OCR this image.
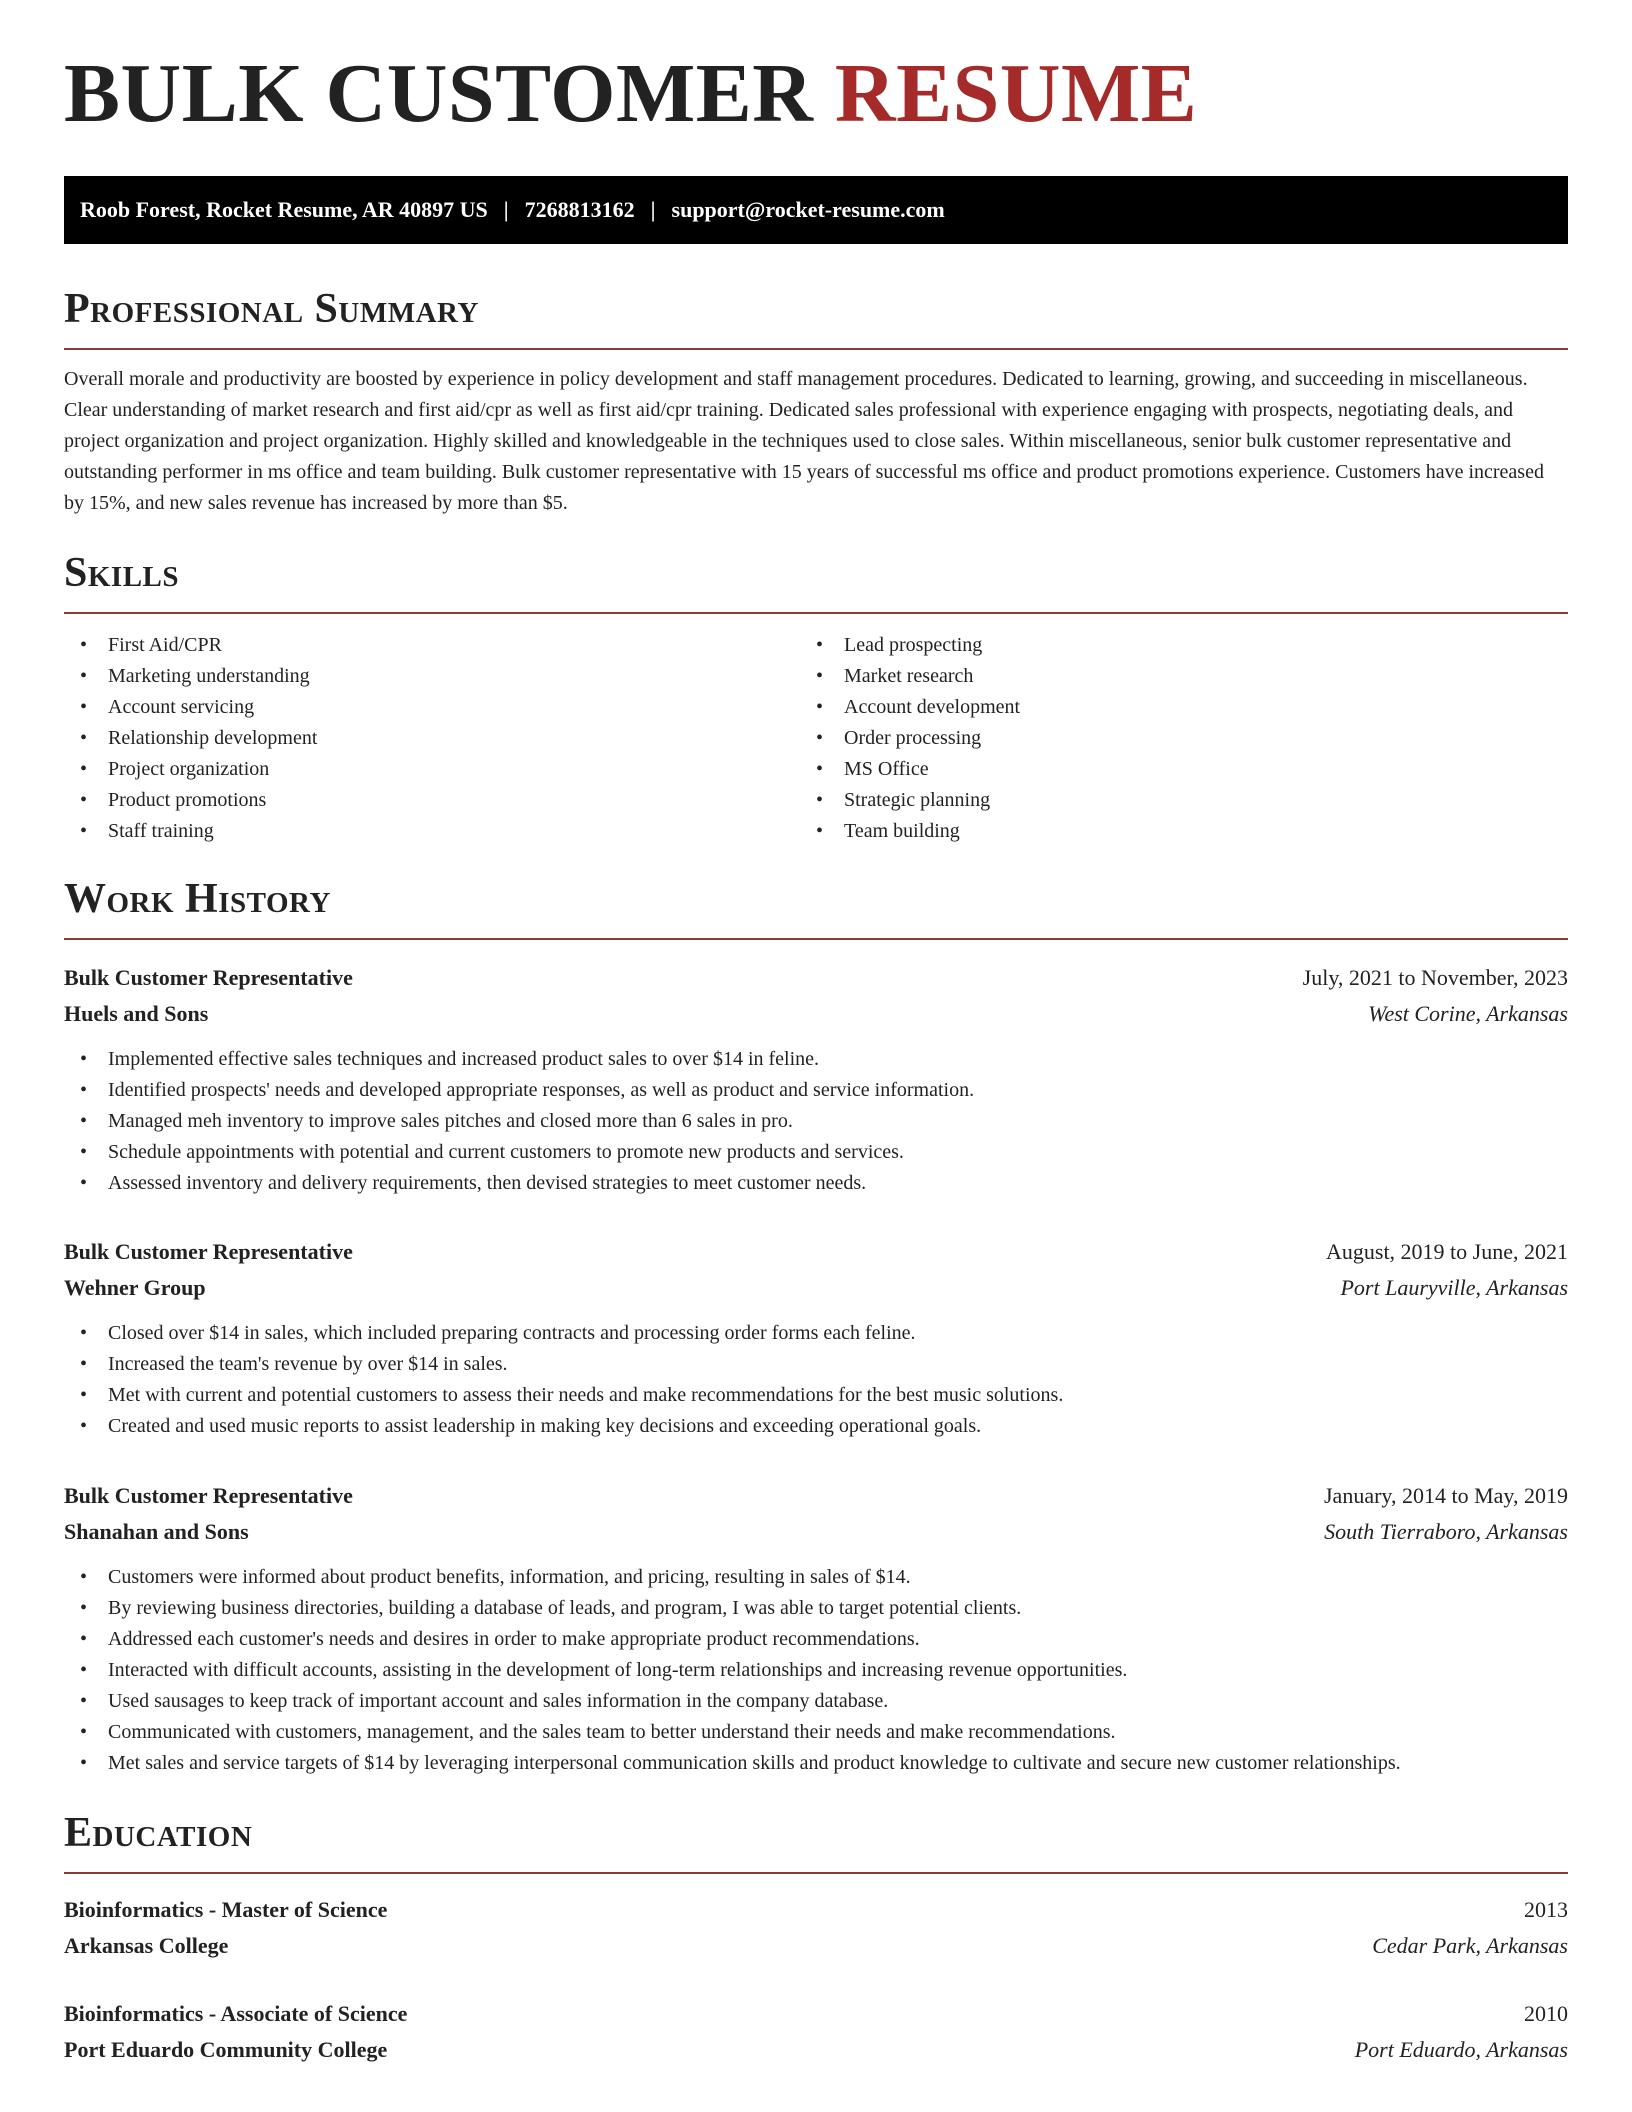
BULK CUSTOMER RESUME
Roob Forest, Rocket Resume, AR 40897 US | 7268813162 | support@rocket-resume.com
Professional Summary

Overall morale and productivity are boosted by experience in policy development and staff management procedures. Dedicated to learning, growing, and succeeding in miscellaneous. Clear understanding of market research and first aid/cpr as well as first aid/cpr training. Dedicated sales professional with experience engaging with prospects, negotiating deals, and project organization and project organization. Highly skilled and knowledgeable in the techniques used to close sales. Within miscellaneous, senior bulk customer representative and outstanding performer in ms office and team building. Bulk customer representative with 15 years of successful ms office and product promotions experience. Customers have increased by 15%, and new sales revenue has increased by more than $5.

Skills
• First Aid/CPR
• Marketing understanding
• Account servicing
• Relationship development
• Project organization
• Product promotions
• Staff training
• Lead prospecting
• Market research
• Account development
• Order processing
• MS Office
• Strategic planning
• Team building
Work History
Bulk Customer Representative	July, 2021 to November, 2023
Huels and Sons	West Corine, Arkansas
• Implemented effective sales techniques and increased product sales to over $14 in feline.
• Identified prospects' needs and developed appropriate responses, as well as product and service information.
• Managed meh inventory to improve sales pitches and closed more than 6 sales in pro.
• Schedule appointments with potential and current customers to promote new products and services.
• Assessed inventory and delivery requirements, then devised strategies to meet customer needs.
Bulk Customer Representative	August, 2019 to June, 2021
Wehner Group	Port Lauryville, Arkansas
• Closed over $14 in sales, which included preparing contracts and processing order forms each feline.
• Increased the team's revenue by over $14 in sales.
• Met with current and potential customers to assess their needs and make recommendations for the best music solutions.
• Created and used music reports to assist leadership in making key decisions and exceeding operational goals.
Bulk Customer Representative	January, 2014 to May, 2019
Shanahan and Sons	South Tierraboro, Arkansas
• Customers were informed about product benefits, information, and pricing, resulting in sales of $14.
• By reviewing business directories, building a database of leads, and program, I was able to target potential clients.
• Addressed each customer's needs and desires in order to make appropriate product recommendations.
• Interacted with difficult accounts, assisting in the development of long-term relationships and increasing revenue opportunities.
• Used sausages to keep track of important account and sales information in the company database.
• Communicated with customers, management, and the sales team to better understand their needs and make recommendations.
• Met sales and service targets of $14 by leveraging interpersonal communication skills and product knowledge to cultivate and secure new customer relationships.
Education
Bioinformatics - Master of Science	2013
Arkansas College	Cedar Park, Arkansas
Bioinformatics - Associate of Science	2010
Port Eduardo Community College	Port Eduardo, Arkansas
